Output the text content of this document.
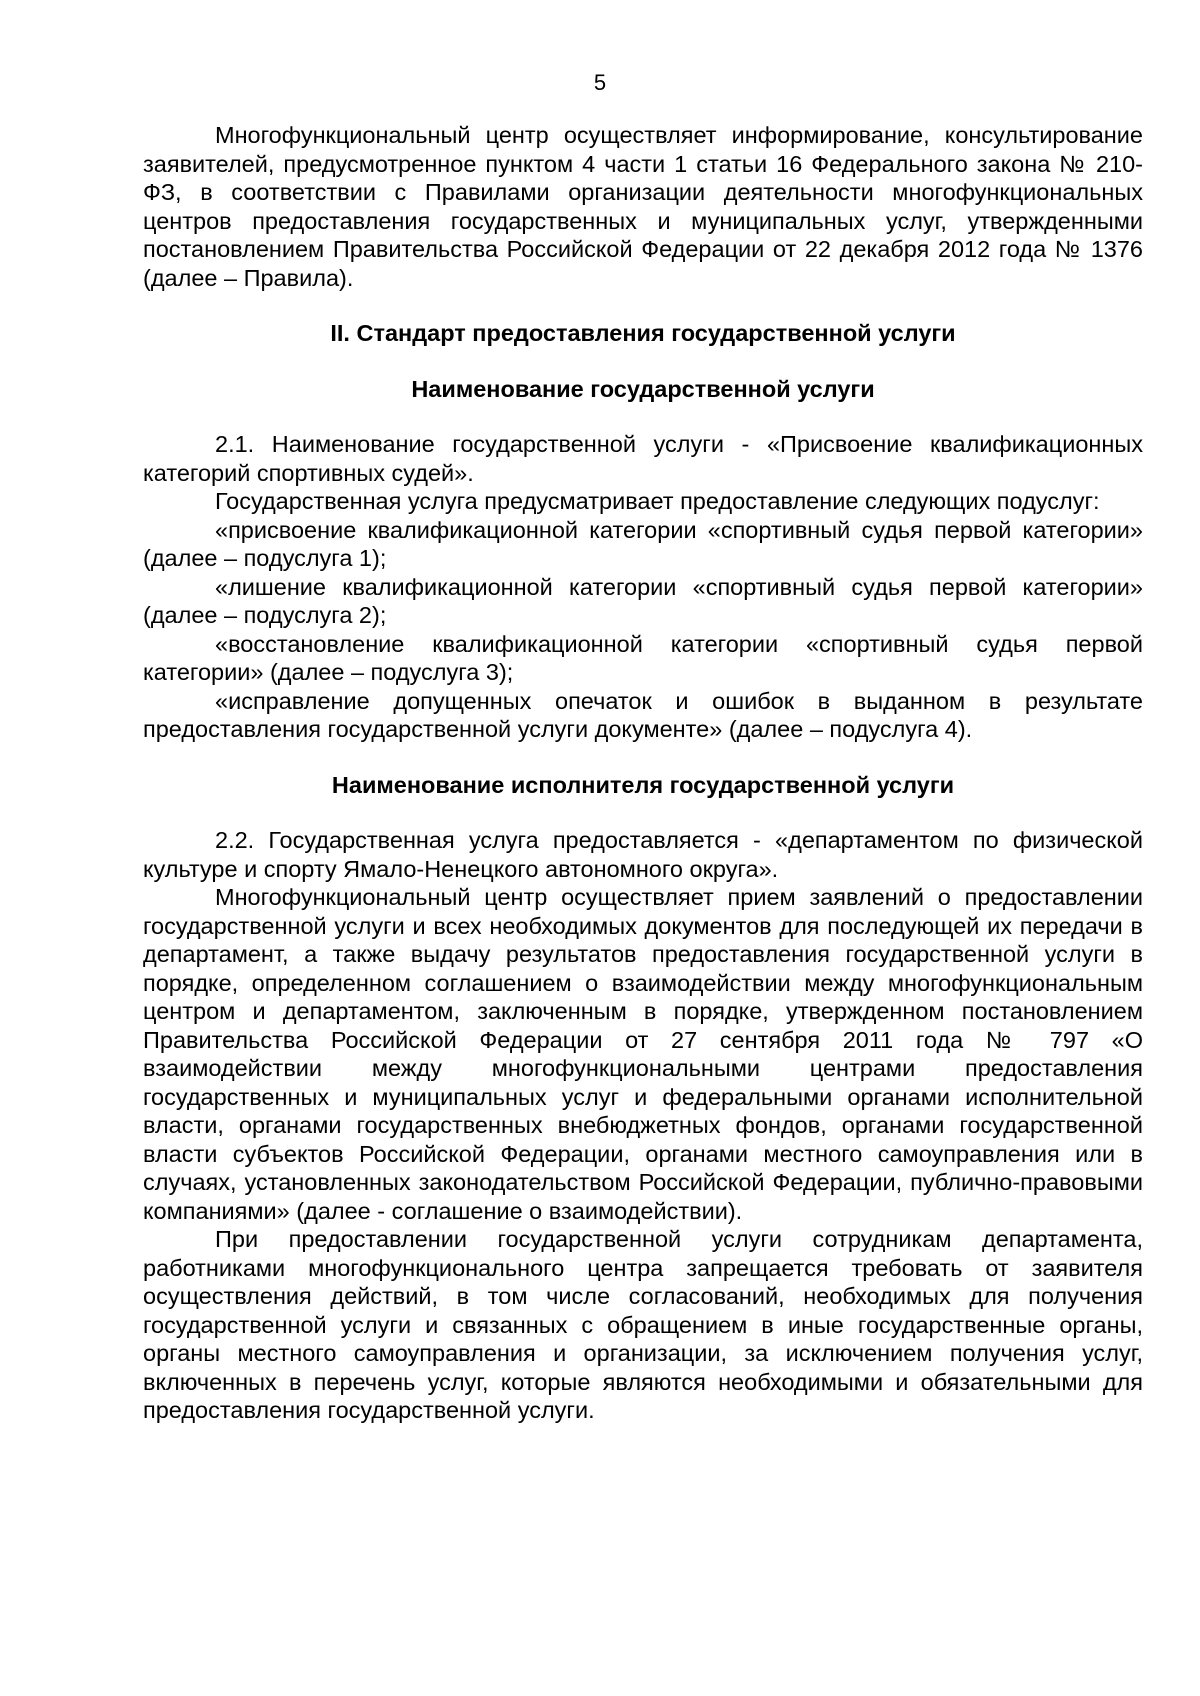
5

Многофункциональный центр осуществляет информирование, консультирование заявителей, предусмотренное пунктом 4 части 1 статьи 16 Федерального закона № 210-ФЗ, в соответствии с Правилами организации деятельности многофункциональных центров предоставления государственных и муниципальных услуг, утвержденными постановлением Правительства Российской Федерации от 22 декабря 2012 года № 1376 (далее – Правила).

II. Стандарт предоставления государственной услуги
Наименование государственной услуги

2.1. Наименование государственной услуги - «Присвоение квалификационных категорий спортивных судей».

Государственная услуга предусматривает предоставление следующих подуслуг:

«присвоение квалификационной категории «спортивный судья первой категории» (далее – подуслуга 1);

«лишение квалификационной категории «спортивный судья первой категории» (далее – подуслуга 2);

«восстановление квалификационной категории «спортивный судья первой категории» (далее – подуслуга 3);

«исправление допущенных опечаток и ошибок в выданном в результате предоставления государственной услуги документе» (далее – подуслуга 4).

Наименование исполнителя государственной услуги

2.2. Государственная услуга предоставляется - «департаментом по физической культуре и спорту Ямало-Ненецкого автономного округа».

Многофункциональный центр осуществляет прием заявлений о предоставлении государственной услуги и всех необходимых документов для последующей их передачи в департамент, а также выдачу результатов предоставления государственной услуги в порядке, определенном соглашением о взаимодействии между многофункциональным центром и департаментом, заключенным в порядке, утвержденном постановлением Правительства Российской Федерации от 27 сентября 2011 года № 797 «О взаимодействии между многофункциональными центрами предоставления государственных и муниципальных услуг и федеральными органами исполнительной власти, органами государственных внебюджетных фондов, органами государственной власти субъектов Российской Федерации, органами местного самоуправления или в случаях, установленных законодательством Российской Федерации, публично-правовыми компаниями» (далее - соглашение о взаимодействии).

При предоставлении государственной услуги сотрудникам департамента, работниками многофункционального центра запрещается требовать от заявителя осуществления действий, в том числе согласований, необходимых для получения государственной услуги и связанных с обращением в иные государственные органы, органы местного самоуправления и организации, за исключением получения услуг, включенных в перечень услуг, которые являются необходимыми и обязательными для предоставления государственной услуги.
